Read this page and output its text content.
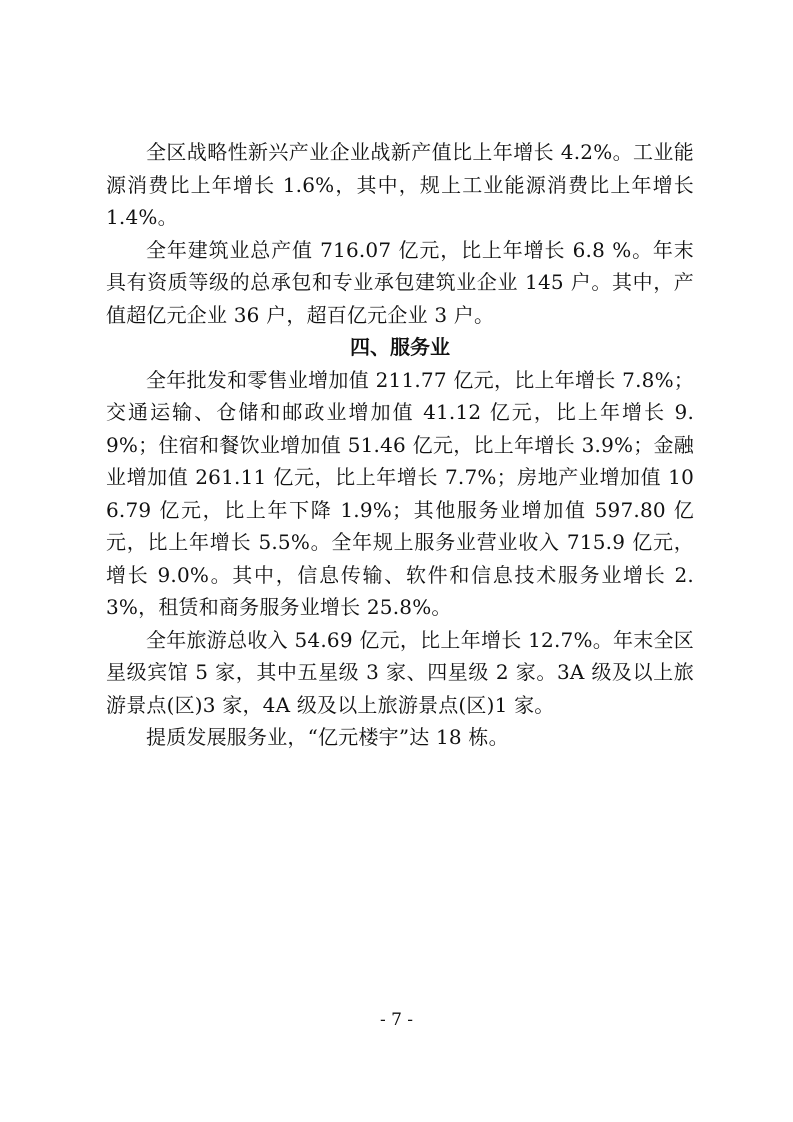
全区战略性新兴产业企业战新产值比上年增长 4.2%。工业能源消费比上年增长 1.6%，其中，规上工业能源消费比上年增长 1.4%。

全年建筑业总产值 716.07 亿元，比上年增长 6.8 %。年末具有资质等级的总承包和专业承包建筑业企业 145 户。其中，产值超亿元企业 36 户，超百亿元企业 3 户。

四、服务业

全年批发和零售业增加值 211.77 亿元，比上年增长 7.8%；交通运输、仓储和邮政业增加值 41.12 亿元，比上年增长 9.9%；住宿和餐饮业增加值 51.46 亿元，比上年增长 3.9%；金融业增加值 261.11 亿元，比上年增长 7.7%；房地产业增加值 106.79 亿元，比上年下降 1.9%；其他服务业增加值 597.80 亿元，比上年增长 5.5%。全年规上服务业营业收入 715.9 亿元，增长 9.0%。其中，信息传输、软件和信息技术服务业增长 2.3%，租赁和商务服务业增长 25.8%。

全年旅游总收入 54.69 亿元，比上年增长 12.7%。年末全区星级宾馆 5 家，其中五星级 3 家、四星级 2 家。3A 级及以上旅游景点(区)3 家，4A 级及以上旅游景点(区)1 家。

提质发展服务业，“亿元楼宇”达 18 栋。

- 7 -
